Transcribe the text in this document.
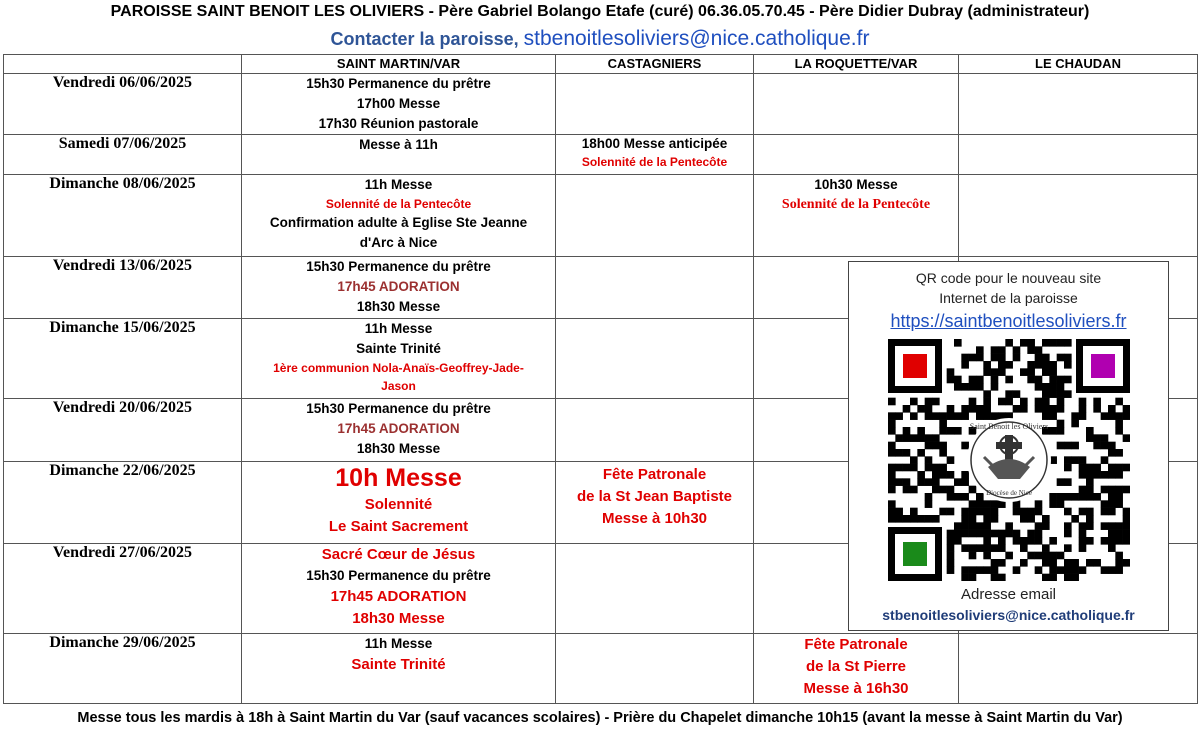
PAROISSE SAINT BENOIT LES OLIVIERS - Père Gabriel Bolango Etafe (curé) 06.36.05.70.45 - Père Didier Dubray (administrateur)
Contacter la paroisse, stbenoitlesoliviers@nice.catholique.fr
	SAINT MARTIN/VAR	CASTAGNIERS	LA ROQUETTE/VAR	LE CHAUDAN
Vendredi 06/06/2025	15h30 Permanence du prêtre
17h00 Messe
17h30 Réunion pastorale			

Samedi 07/06/2025	Messe à 11h	18h00 Messe anticipée
Solennité de la Pentecôte		

Dimanche 08/06/2025	11h Messe
Solennité de la Pentecôte
Confirmation adulte à Eglise Ste Jeanne
d'Arc à Nice		10h30 Messe
Solennité de la Pentecôte	

Vendredi 13/06/2025	15h30 Permanence du prêtre
17h45 ADORATION
18h30 Messe			

Dimanche 15/06/2025	11h Messe
Sainte Trinité
1ère communion Nola-Anaïs-Geoffrey-Jade-
Jason			

Vendredi 20/06/2025	15h30 Permanence du prêtre
17h45 ADORATION
18h30 Messe			

Dimanche 22/06/2025	10h Messe
Solennité
Le Saint Sacrement	Fête Patronale
de la St Jean Baptiste
Messe à 10h30		

Vendredi 27/06/2025	Sacré Cœur de Jésus
15h30 Permanence du prêtre
17h45 ADORATION
18h30 Messe			

Dimanche 29/06/2025	11h Messe
Sainte Trinité		Fête Patronale
de la St Pierre
Messe à 16h30	

QR code pour le nouveau site
Internet de la paroisse
https://saintbenoitlesoliviers.fr
Saint Benoit les Oliviers
Diocèse de Nice
Adresse email
stbenoitlesoliviers@nice.catholique.fr
Messe tous les mardis à 18h à Saint Martin du Var (sauf vacances scolaires) - Prière du Chapelet dimanche 10h15 (avant la messe à Saint Martin du Var)
